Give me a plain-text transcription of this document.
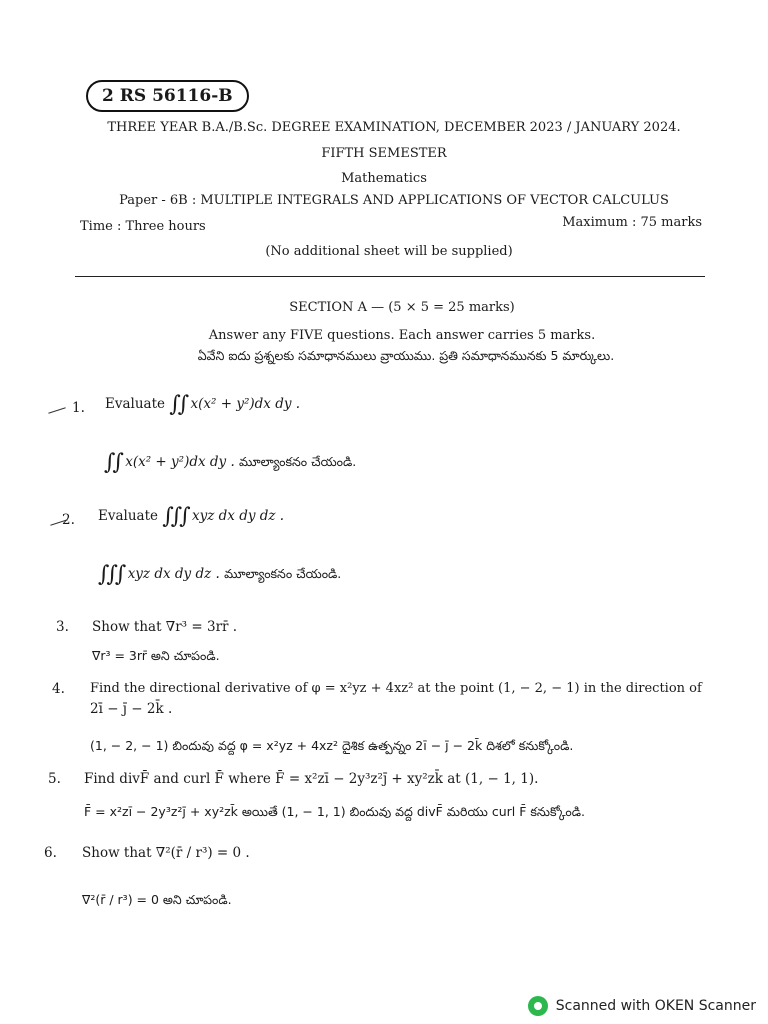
2 RS 56116-B
THREE YEAR B.A./B.Sc. DEGREE EXAMINATION, DECEMBER 2023 / JANUARY 2024.
FIFTH SEMESTER
Mathematics
Paper - 6B : MULTIPLE INTEGRALS AND APPLICATIONS OF VECTOR CALCULUS
Time : Three hours	Maximum : 75 marks
(No additional sheet will be supplied)
SECTION A — (5 × 5 = 25 marks)
Answer any FIVE questions. Each answer carries 5 marks.
ఏవేని ఐదు ప్రశ్నలకు సమాధానములు వ్రాయుము. ప్రతి సమాధానమునకు 5 మార్కులు.
1. Evaluate ∫∫ x(x² + y²)dx dy .
∫∫ x(x² + y²)dx dy . మూల్యాంకనం చేయండి.
2. Evaluate ∫∫∫ xyz dx dy dz .
∫∫∫ xyz dx dy dz . మూల్యాంకనం చేయండి.
3. Show that ∇r³ = 3rr̄ .
∇r³ = 3rr̄ అని చూపండి.
4. Find the directional derivative of φ = x²yz + 4xz² at the point (1, − 2, − 1) in the direction of
2ī − j̄ − 2k̄ .
(1, − 2, − 1) బిందువు వద్ద φ = x²yz + 4xz² దైశిక ఉత్పన్నం 2ī − j̄ − 2k̄ దిశలో కనుక్కోండి.
5. Find divF̄ and curl F̄ where F̄ = x²zī − 2y³z²j̄ + xy²zk̄ at (1, − 1, 1).
F̄ = x²zī − 2y³z²j̄ + xy²zk̄ అయితే (1, − 1, 1) బిందువు వద్ద divF̄ మరియు curl F̄ కనుక్కోండి.
6. Show that ∇²(r̄ / r³) = 0 .
∇²(r̄ / r³) = 0 అని చూపండి.
Scanned with OKEN Scanner
